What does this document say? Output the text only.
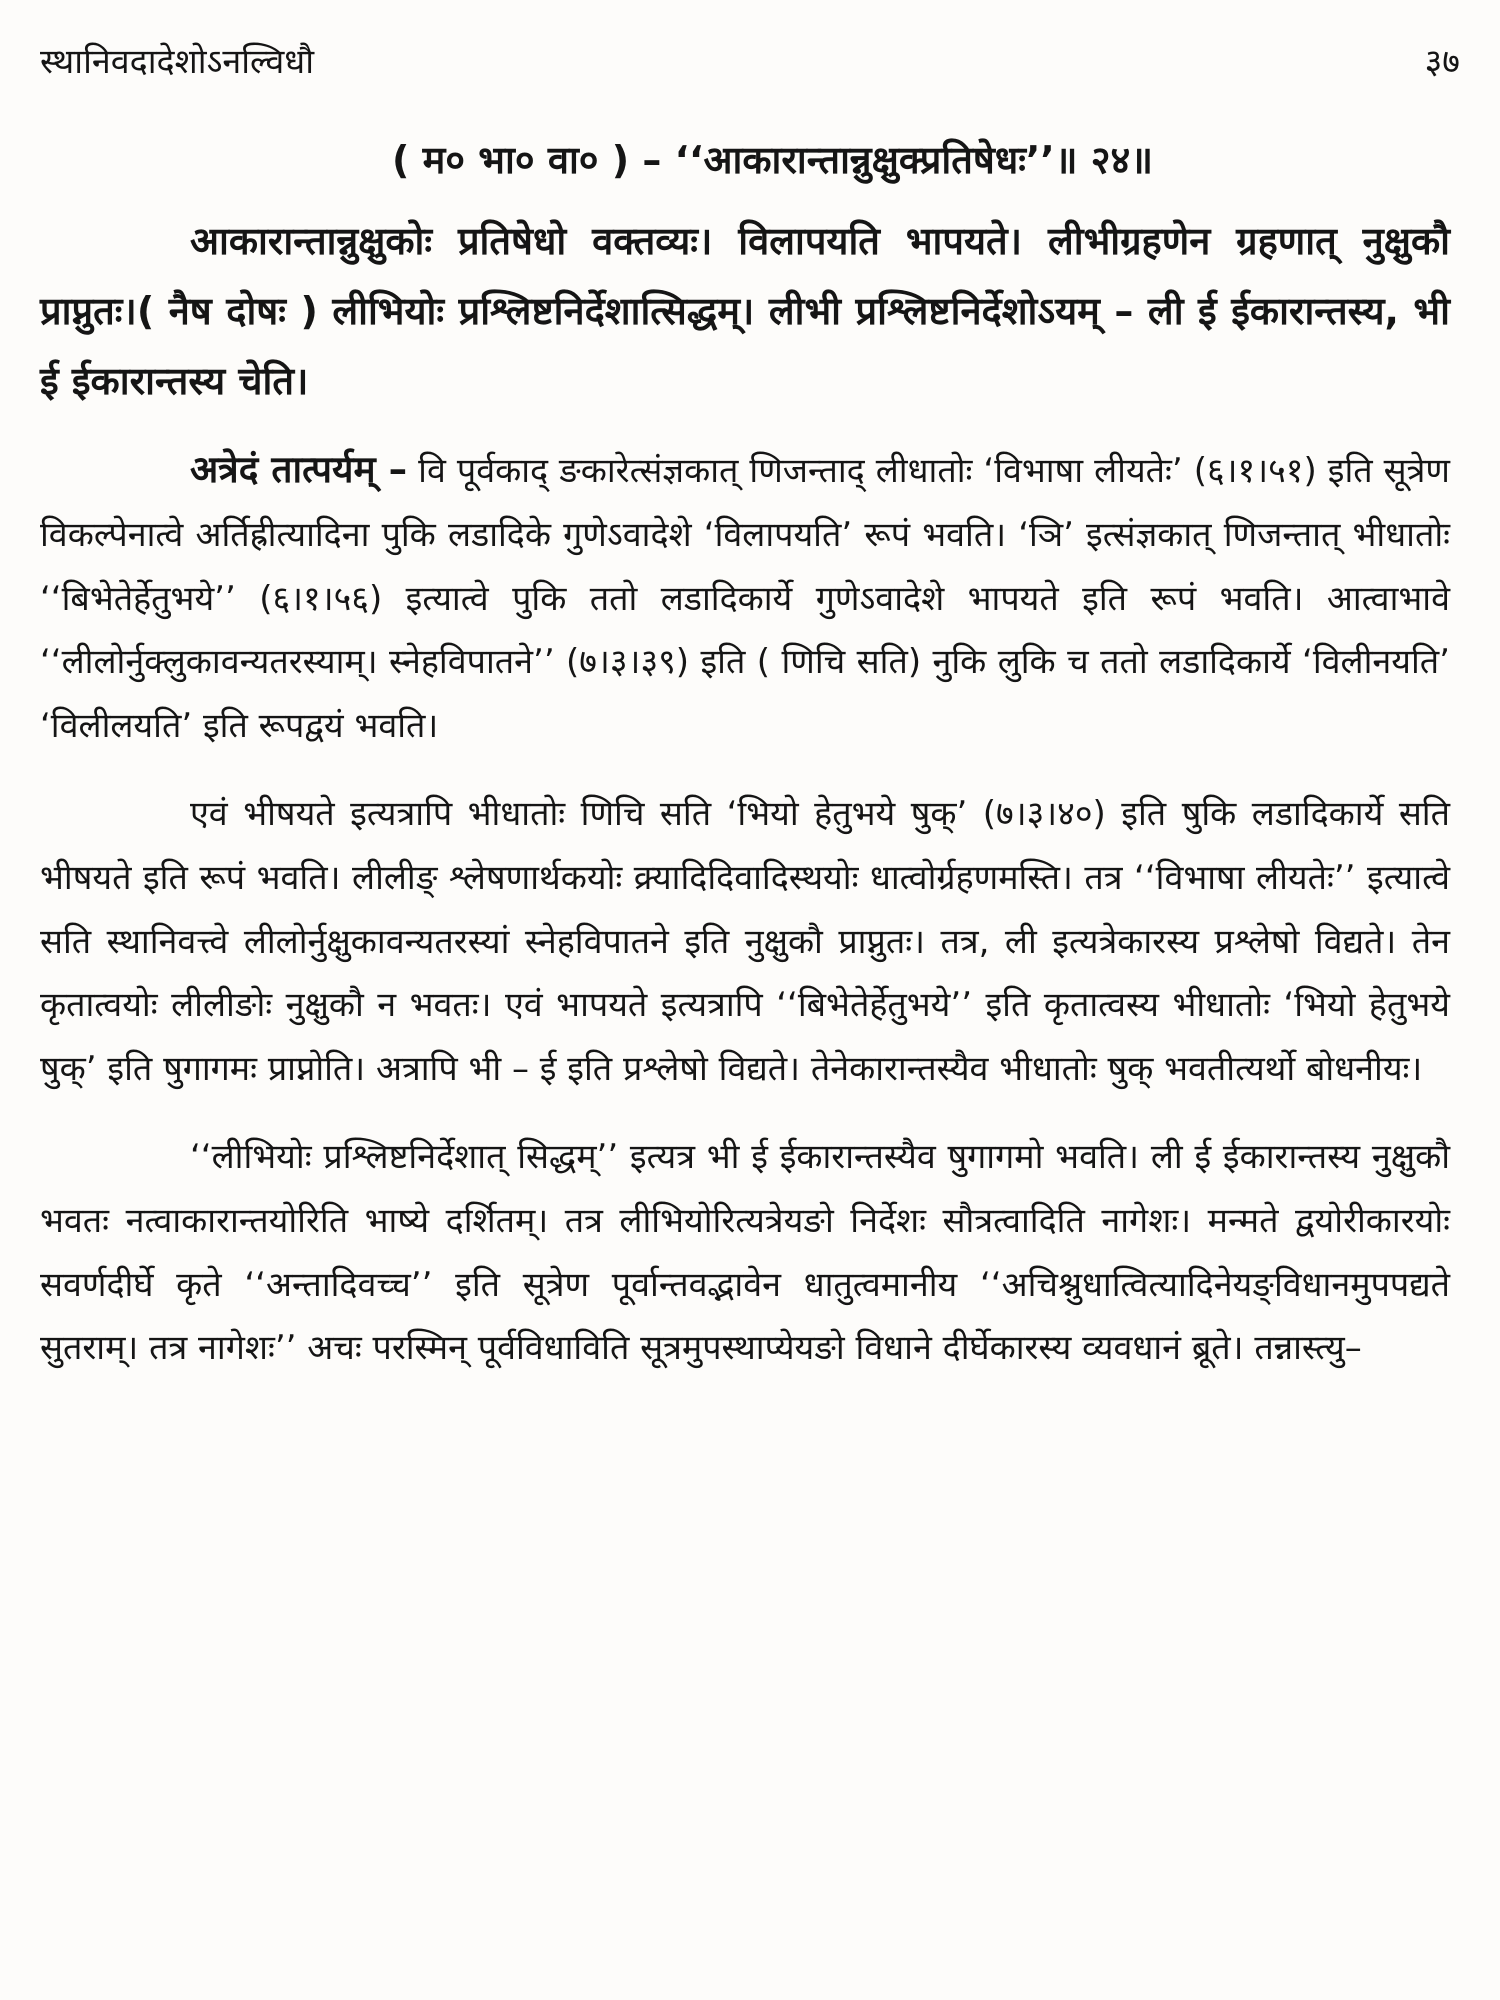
स्थानिवदादेशोऽनल्विधौ	३७
( म० भा० वा० ) – ‘‘आकारान्तान्नुक्षुक्प्रतिषेधः’’॥ २४॥

आकारान्तान्नुक्षुकोः प्रतिषेधो वक्तव्यः। विलापयति भापयते। लीभीग्रहणेन ग्रहणात् नुक्षुकौ प्राप्नुतः।( नैष दोषः ) लीभियोः प्रश्लिष्टनिर्देशात्सिद्धम्। लीभी प्रश्लिष्टनिर्देशोऽयम् – ली ई ईकारान्तस्य, भी ई ईकारान्तस्य चेति।

अत्रेदं तात्पर्यम् – वि पूर्वकाद् ङकारेत्संज्ञकात् णिजन्ताद् लीधातोः ‘विभाषा लीयतेः’ (६।१।५१) इति सूत्रेण विकल्पेनात्वे अर्तिह्रीत्यादिना पुकि लडादिके गुणेऽवादेशे ‘विलापयति’ रूपं भवति। ‘ञि’ इत्संज्ञकात् णिजन्तात् भीधातोः ‘‘बिभेतेर्हेतुभये’’ (६।१।५६) इत्यात्वे पुकि ततो लडादिकार्ये गुणेऽवादेशे भापयते इति रूपं भवति। आत्वाभावे ‘‘लीलोर्नुक्लुकावन्यतरस्याम्। स्नेहविपातने’’ (७।३।३९) इति ( णिचि सति) नुकि लुकि च ततो लडादिकार्ये ‘विलीनयति’ ‘विलीलयति’ इति रूपद्वयं भवति।

एवं भीषयते इत्यत्रापि भीधातोः णिचि सति ‘भियो हेतुभये षुक्’ (७।३।४०) इति षुकि लडादिकार्ये सति भीषयते इति रूपं भवति। लीलीङ् श्लेषणार्थकयोः क्र्यादिदिवादिस्थयोः धात्वोर्ग्रहणमस्ति। तत्र ‘‘विभाषा लीयतेः’’ इत्यात्वे सति स्थानिवत्त्वे लीलोर्नुक्षुकावन्यतरस्यां स्नेहविपातने इति नुक्षुकौ प्राप्नुतः। तत्र, ली इत्यत्रेकारस्य प्रश्लेषो विद्यते। तेन कृतात्वयोः लीलीङोः नुक्षुकौ न भवतः। एवं भापयते इत्यत्रापि ‘‘बिभेतेर्हेतुभये’’ इति कृतात्वस्य भीधातोः ‘भियो हेतुभये षुक्’ इति षुगागमः प्राप्नोति। अत्रापि भी – ई इति प्रश्लेषो विद्यते। तेनेकारान्तस्यैव भीधातोः षुक् भवतीत्यर्थो बोधनीयः।

‘‘लीभियोः प्रश्लिष्टनिर्देशात् सिद्धम्’’ इत्यत्र भी ई ईकारान्तस्यैव षुगागमो भवति। ली ई ईकारान्तस्य नुक्षुकौ भवतः नत्वाकारान्तयोरिति भाष्ये दर्शितम्। तत्र लीभियोरित्यत्रेयङो निर्देशः सौत्रत्वादिति नागेशः। मन्मते द्वयोरीकारयोः सवर्णदीर्घे कृते ‘‘अन्तादिवच्च’’ इति सूत्रेण पूर्वान्तवद्भावेन धातुत्वमानीय ‘‘अचिश्नुधात्वित्यादिनेयङ्विधानमुपपद्यते सुतराम्। तत्र नागेशः’’ अचः परस्मिन् पूर्वविधाविति सूत्रमुपस्थाप्येयङो विधाने दीर्घेकारस्य व्यवधानं ब्रूते। तन्नास्त्यु–
